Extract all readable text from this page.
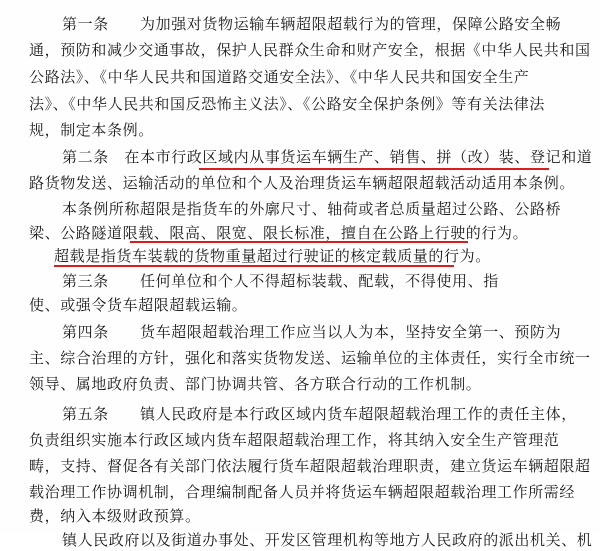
第一条　　为加强对货物运输车辆超限超载行为的管理，保障公路安全畅
通，预防和减少交通事故，保护人民群众生命和财产安全，根据《中华人民共和国
公路法》、《中华人民共和国道路交通安全法》、《中华人民共和国安全生产
法》、《中华人民共和国反恐怖主义法》、《公路安全保护条例》等有关法律法
规，制定本条例。
第二条　在本市行政区域内从事货运车辆生产、销售、拼（改）装、登记和道
路货物发送、运输活动的单位和个人及治理货运车辆超限超载活动适用本条例。
本条例所称超限是指货车的外廓尺寸、轴荷或者总质量超过公路、公路桥
梁、公路隧道限载、限高、限宽、限长标准，擅自在公路上行驶的行为。
超载是指货车装载的货物重量超过行驶证的核定载质量的行为。
第三条　　任何单位和个人不得超标装载、配载，不得使用、指
使、或强令货车超限超载运输。
第四条　　货车超限超载治理工作应当以人为本，坚持安全第一、预防为
主、综合治理的方针，强化和落实货物发送、运输单位的主体责任，实行全市统一
领导、属地政府负责、部门协调共管、各方联合行动的工作机制。
第五条　　镇人民政府是本行政区域内货车超限超载治理工作的责任主体，
负责组织实施本行政区域内货车超限超载治理工作，将其纳入安全生产管理范
畴，支持、督促各有关部门依法履行货车超限超载治理职责，建立货运车辆超限超
载治理工作协调机制，合理编制配备人员并将货运车辆超限超载治理工作所需经
费，纳入本级财政预算。
镇人民政府以及街道办事处、开发区管理机构等地方人民政府的派出机关、机
